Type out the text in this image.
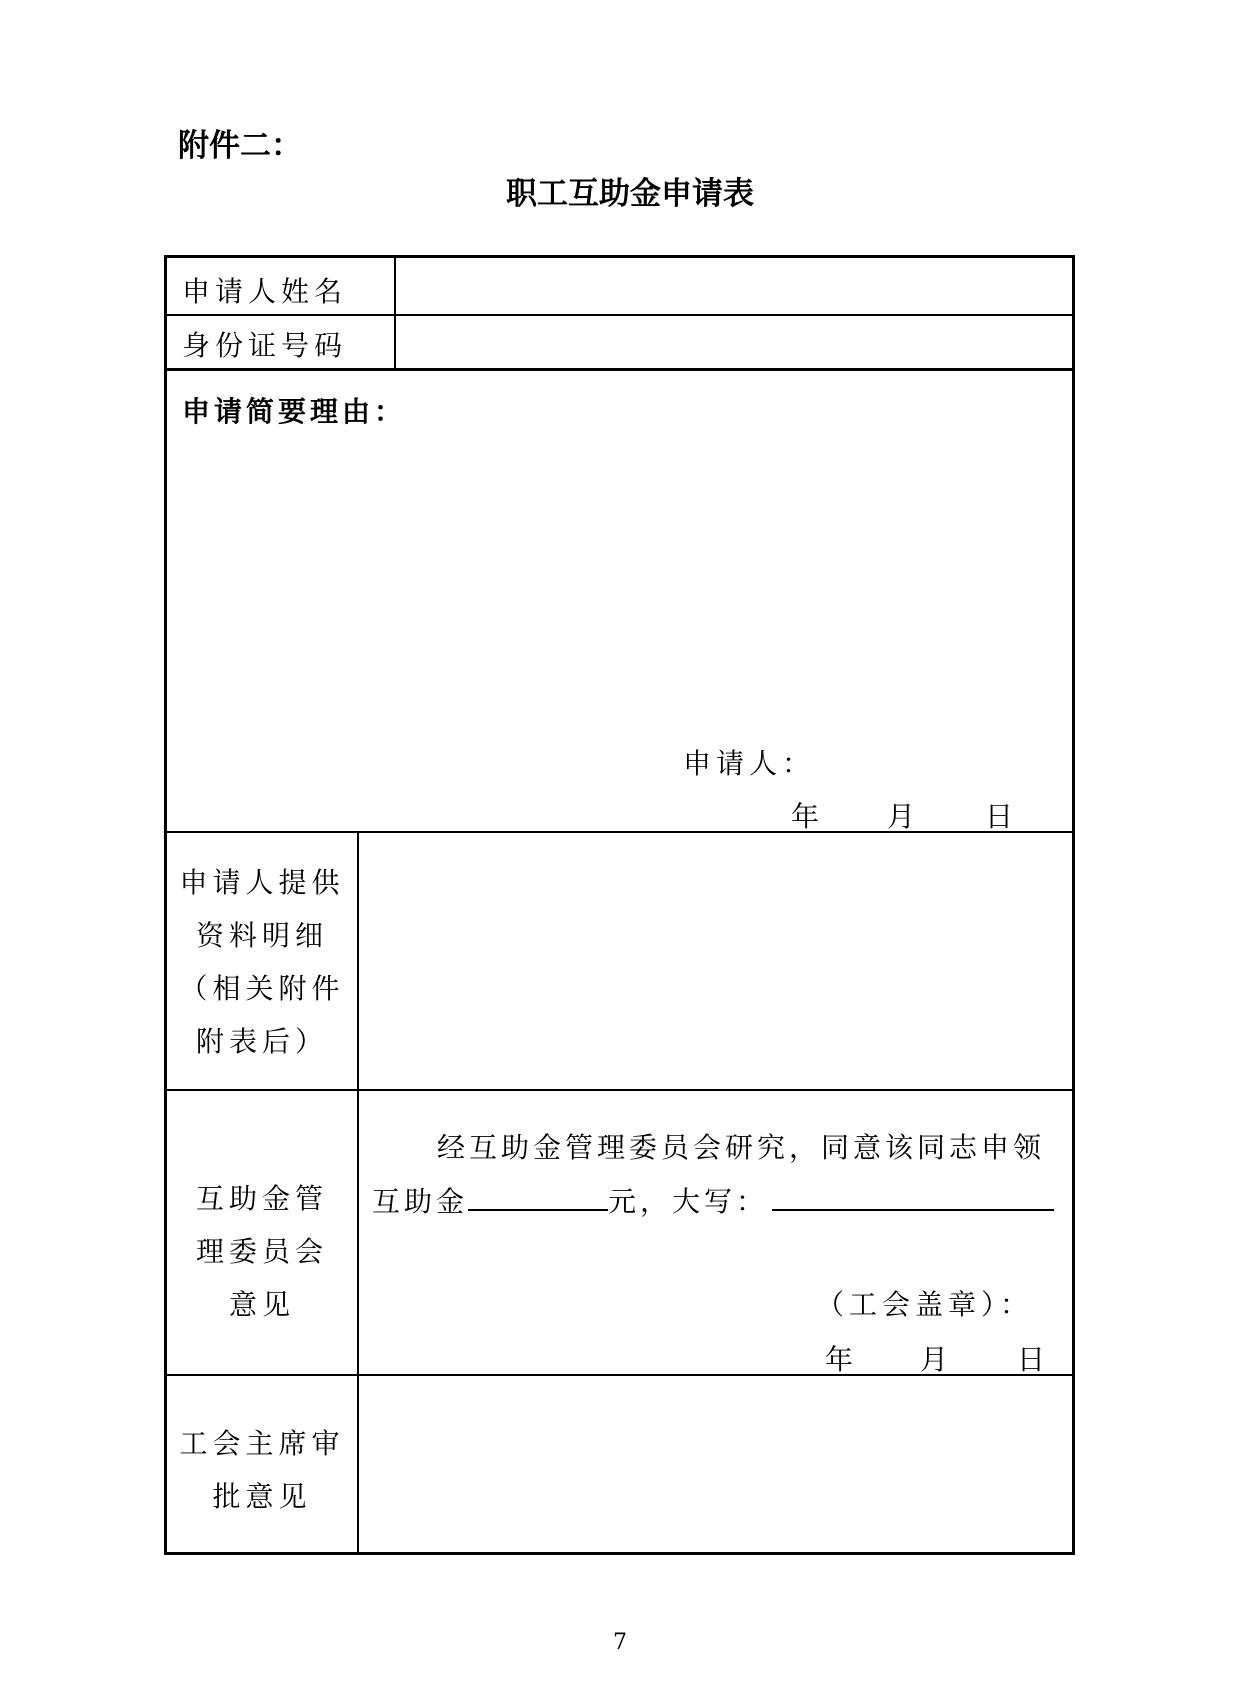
附件二：
职工互助金申请表
申请人姓名
身份证号码
申请简要理由：
申请人：
年 月 日
申请人提供
资料明细
（相关附件
附表后）
互助金管
理委员会
意见
经互助金管理委员会研究，同意该同志申领
互助金	元，大写：
（工会盖章）：
年 月 日
工会主席审
批意见
7
